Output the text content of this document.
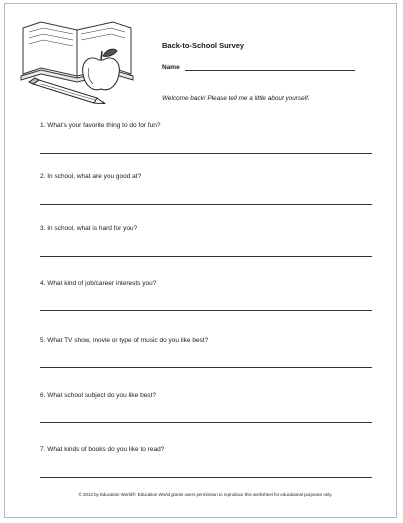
Back-to-School Survey
Name
Welcome back! Please tell me a little about yourself.
1. What's your favorite thing to do for fun?
2. In school, what are you good at?
3. In school, what is hard for you?
4. What kind of job/career interests you?
5. What TV show, movie or type of music do you like best?
6. What school subject do you like best?
7. What kinds of books do you like to read?
© 2013 by Education World®. Education World grants users permission to reproduce this worksheet for educational purposes only.
